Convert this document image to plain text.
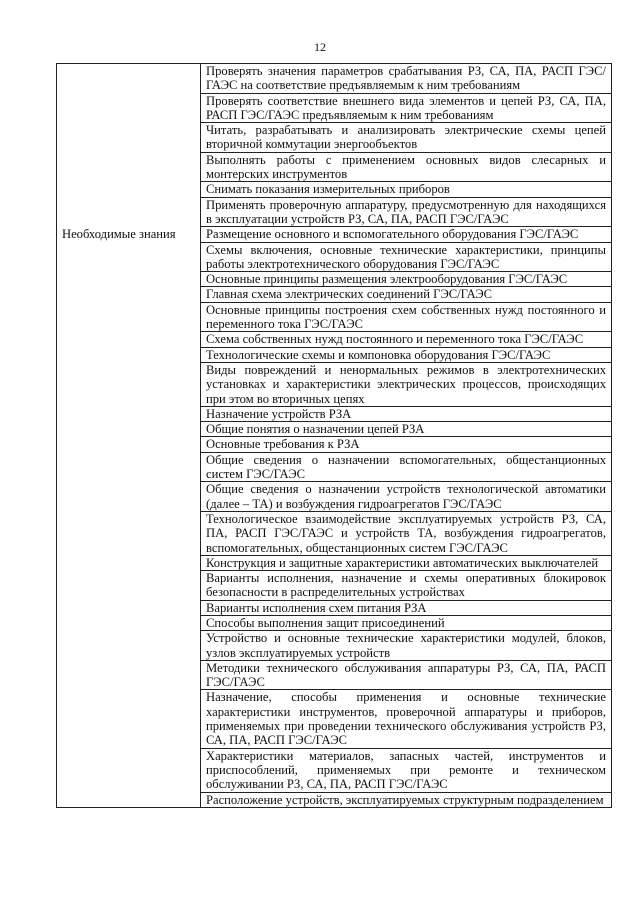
12
	Проверять значения параметров срабатывания РЗ, СА, ПА, РАСП ГЭС/ГАЭС на соответствие предъявляемым к ним требованиям
	Проверять соответствие внешнего вида элементов и цепей РЗ, СА, ПА, РАСП ГЭС/ГАЭС предъявляемым к ним требованиям
	Читать, разрабатывать и анализировать электрические схемы цепей вторичной коммутации энергообъектов
	Выполнять работы с применением основных видов слесарных и монтерских инструментов
	Снимать показания измерительных приборов
	Применять проверочную аппаратуру, предусмотренную для находящихся в эксплуатации устройств РЗ, СА, ПА, РАСП ГЭС/ГАЭС
Необходимые знания	Размещение основного и вспомогательного оборудования ГЭС/ГАЭС
	Схемы включения, основные технические характеристики, принципы работы электротехнического оборудования ГЭС/ГАЭС
	Основные принципы размещения электрооборудования ГЭС/ГАЭС
	Главная схема электрических соединений ГЭС/ГАЭС
	Основные принципы построения схем собственных нужд постоянного и переменного тока ГЭС/ГАЭС
	Схема собственных нужд постоянного и переменного тока ГЭС/ГАЭС
	Технологические схемы и компоновка оборудования ГЭС/ГАЭС
	Виды повреждений и ненормальных режимов в электротехнических установках и характеристики электрических процессов, происходящих при этом во вторичных цепях
	Назначение устройств РЗА
	Общие понятия о назначении цепей РЗА
	Основные требования к РЗА
	Общие сведения о назначении вспомогательных, общестанционных систем ГЭС/ГАЭС
	Общие сведения о назначении устройств технологической автоматики (далее – ТА) и возбуждения гидроагрегатов ГЭС/ГАЭС
	Технологическое взаимодействие эксплуатируемых устройств РЗ, СА, ПА, РАСП ГЭС/ГАЭС и устройств ТА, возбуждения гидроагрегатов, вспомогательных, общестанционных систем ГЭС/ГАЭС
	Конструкция и защитные характеристики автоматических выключателей
	Варианты исполнения, назначение и схемы оперативных блокировок безопасности в распределительных устройствах
	Варианты исполнения схем питания РЗА
	Способы выполнения защит присоединений
	Устройство и основные технические характеристики модулей, блоков, узлов эксплуатируемых устройств
	Методики технического обслуживания аппаратуры РЗ, СА, ПА, РАСП ГЭС/ГАЭС
	Назначение, способы применения и основные технические характеристики инструментов, проверочной аппаратуры и приборов, применяемых при проведении технического обслуживания устройств РЗ, СА, ПА, РАСП ГЭС/ГАЭС
	Характеристики материалов, запасных частей, инструментов и приспособлений, применяемых при ремонте и техническом обслуживании РЗ, СА, ПА, РАСП ГЭС/ГАЭС
	Расположение устройств, эксплуатируемых структурным подразделением
